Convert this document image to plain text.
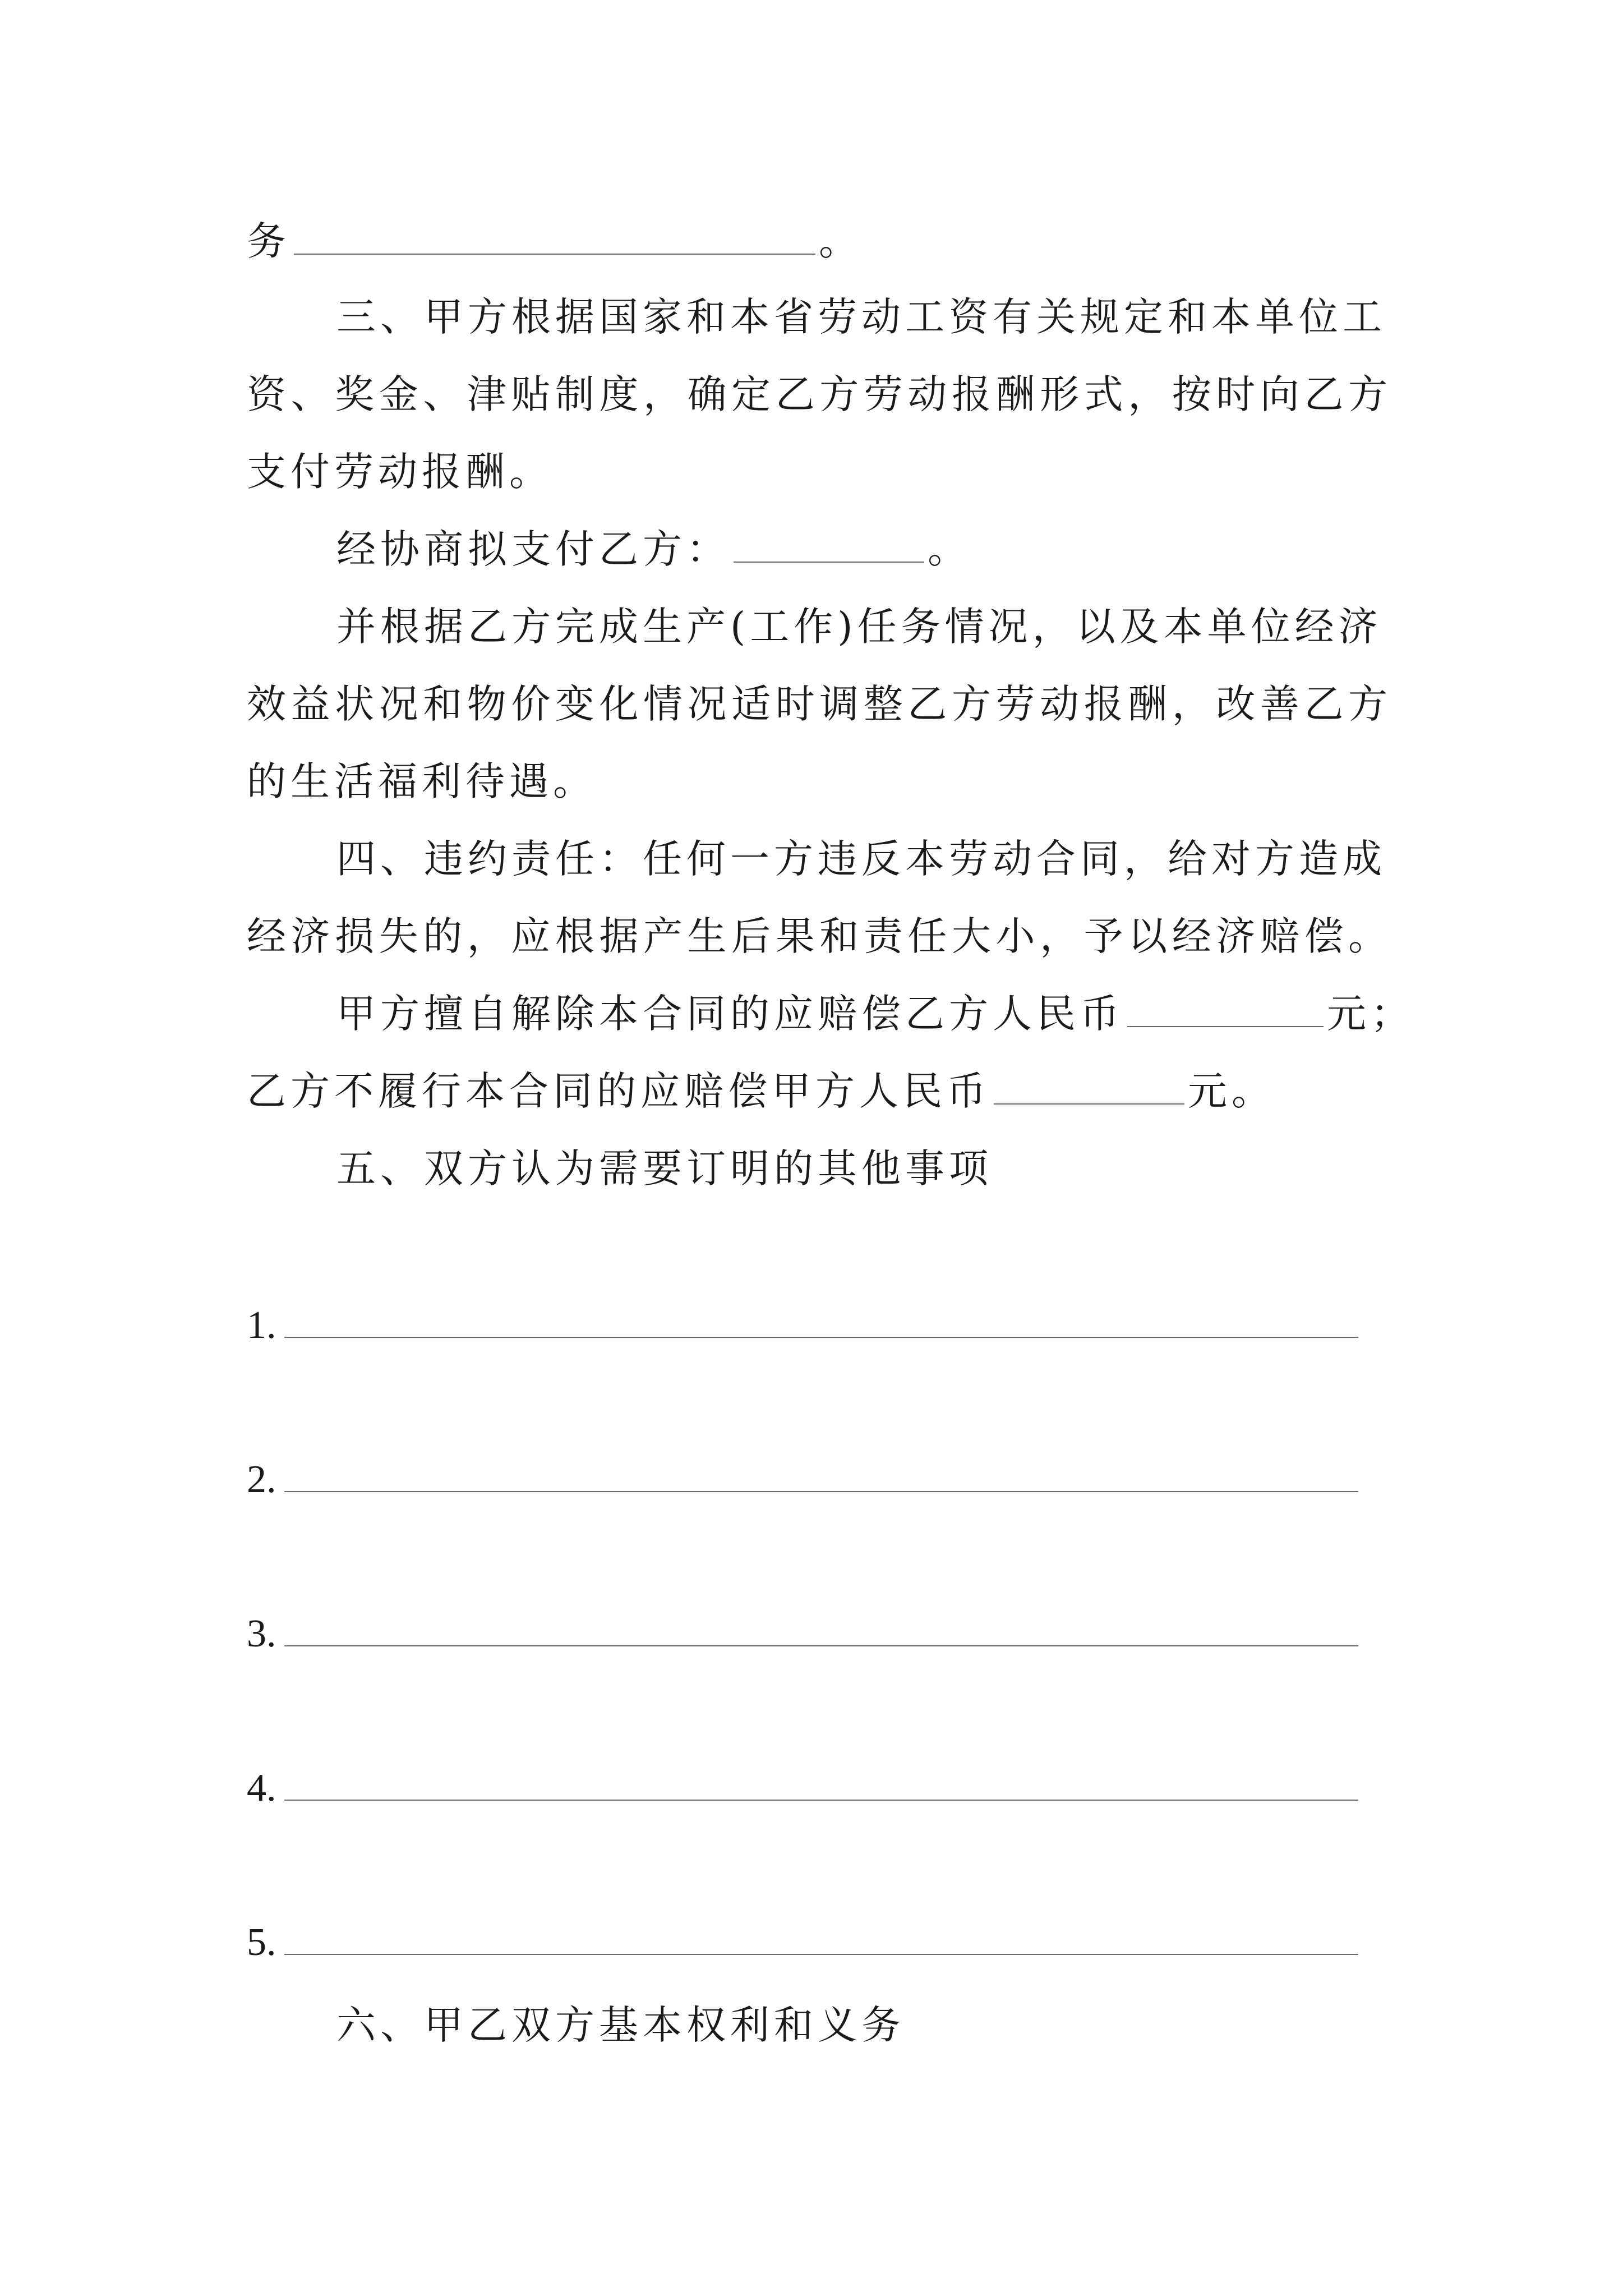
务	。
三、甲方根据国家和本省劳动工资有关规定和本单位工
资、奖金、津贴制度，确定乙方劳动报酬形式，按时向乙方
支付劳动报酬。
经协商拟支付乙方：	。
并根据乙方完成生产(工作)任务情况，以及本单位经济
效益状况和物价变化情况适时调整乙方劳动报酬，改善乙方
的生活福利待遇。
四、违约责任：任何一方违反本劳动合同，给对方造成
经济损失的，应根据产生后果和责任大小，予以经济赔偿。
甲方擅自解除本合同的应赔偿乙方人民币	元；
乙方不履行本合同的应赔偿甲方人民币	元。
五、双方认为需要订明的其他事项
1.
2.
3.
4.
5.
六、甲乙双方基本权利和义务
